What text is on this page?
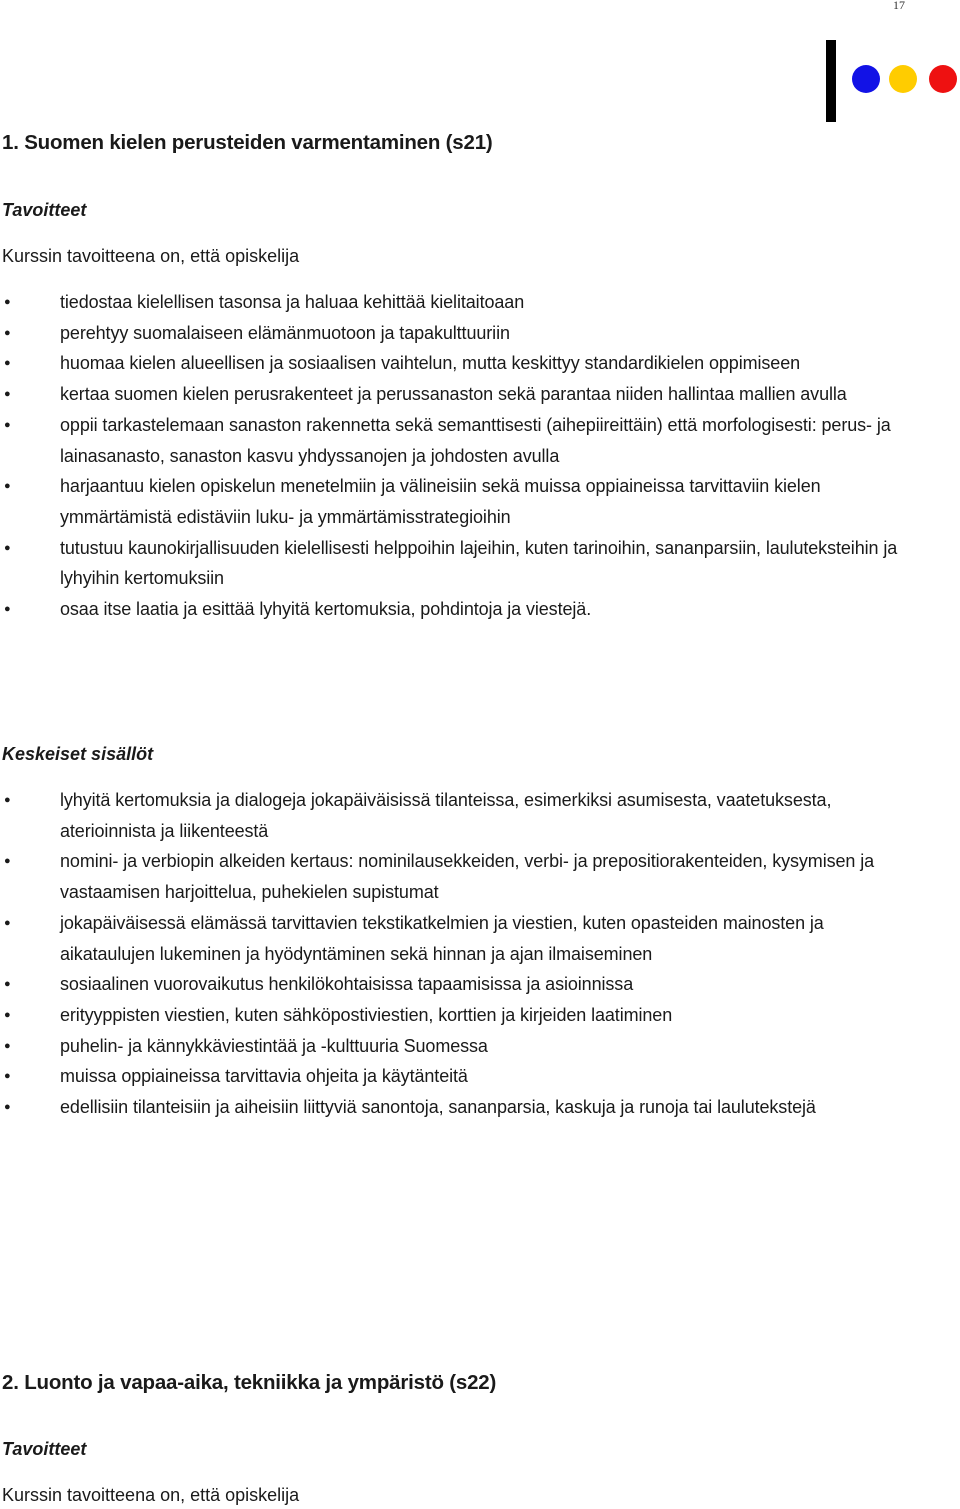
17
1. Suomen kielen perusteiden varmentaminen (s21)

Tavoitteet

Kurssin tavoitteena on, että opiskelija

●	tiedostaa kielellisen tasonsa ja haluaa kehittää kielitaitoaan
●	perehtyy suomalaiseen elämänmuotoon ja tapakulttuuriin
●	huomaa kielen alueellisen ja sosiaalisen vaihtelun, mutta keskittyy standardikielen oppimiseen
●	kertaa suomen kielen perusrakenteet ja perussanaston sekä parantaa niiden hallintaa mallien avulla
●	oppii tarkastelemaan sanaston rakennetta sekä semanttisesti (aihepiireittäin) että morfologisesti: perus- ja lainasanasto, sanaston kasvu yhdyssanojen ja johdosten avulla
●	harjaantuu kielen opiskelun menetelmiin ja välineisiin sekä muissa oppiaineissa tarvittaviin kielen ymmärtämistä edistäviin luku- ja ymmärtämisstrategioihin
●	tutustuu kaunokirjallisuuden kielellisesti helppoihin lajeihin, kuten tarinoihin, sananparsiin, lauluteksteihin ja lyhyihin kertomuksiin
●	osaa itse laatia ja esittää lyhyitä kertomuksia, pohdintoja ja viestejä.

Keskeiset sisällöt

●	lyhyitä kertomuksia ja dialogeja jokapäiväisissä tilanteissa, esimerkiksi asumisesta, vaatetuksesta, aterioinnista ja liikenteestä
●	nomini- ja verbiopin alkeiden kertaus: nominilausekkeiden, verbi- ja prepositiorakenteiden, kysymisen ja vastaamisen harjoittelua, puhekielen supistumat
●	jokapäiväisessä elämässä tarvittavien tekstikatkelmien ja viestien, kuten opasteiden mainosten ja aikataulujen lukeminen ja hyödyntäminen sekä hinnan ja ajan ilmaiseminen
●	sosiaalinen vuorovaikutus henkilökohtaisissa tapaamisissa ja asioinnissa
●	erityyppisten viestien, kuten sähköpostiviestien, korttien ja kirjeiden laatiminen
●	puhelin- ja kännykkäviestintää ja -kulttuuria Suomessa
●	muissa oppiaineissa tarvittavia ohjeita ja käytänteitä
●	edellisiin tilanteisiin ja aiheisiin liittyviä sanontoja, sananparsia, kaskuja ja runoja tai laulutekstejä
2. Luonto ja vapaa-aika, tekniikka ja ympäristö (s22)

Tavoitteet

Kurssin tavoitteena on, että opiskelija
